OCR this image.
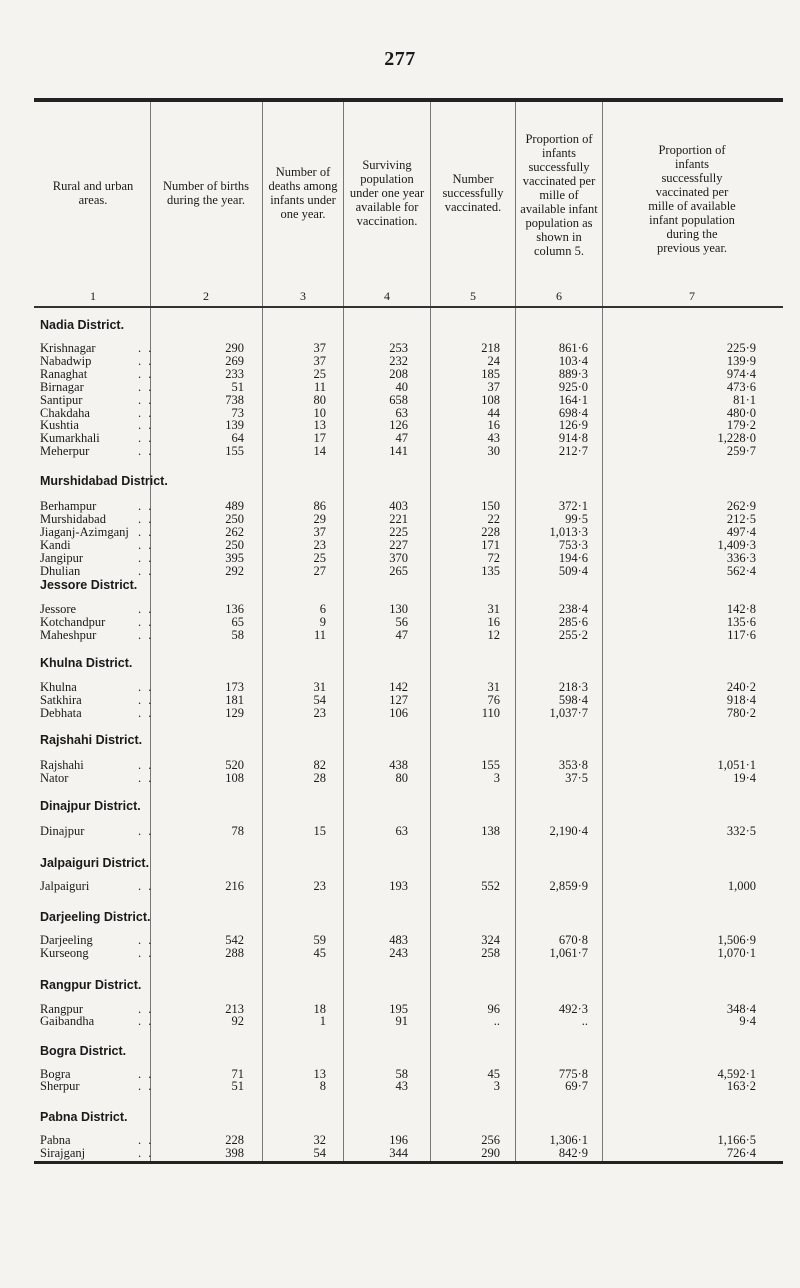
277
Rural and urban areas.
Number of births during the year.
Number of deaths among infants under one year.
Surviving population under one year available for vaccination.
Number successfully vaccinated.
Proportion of infants successfully vaccinated per mille of available infant population as shown in column 5.
Proportion of infants successfully vaccinated per mille of available infant population during the previous year.
1	2	3	4	5	6	7
Nadia District.
Krishnagar	. .	290	37	253	218	861·6	225·9
Nabadwip	. .	269	37	232	24	103·4	139·9
Ranaghat	. .	233	25	208	185	889·3	974·4
Birnagar	. .	51	11	40	37	925·0	473·6
Santipur	. .	738	80	658	108	164·1	81·1
Chakdaha	. .	73	10	63	44	698·4	480·0
Kushtia	. .	139	13	126	16	126·9	179·2
Kumarkhali	. .	64	17	47	43	914·8	1,228·0
Meherpur	. .	155	14	141	30	212·7	259·7
Murshidabad District.
Berhampur	. .	489	86	403	150	372·1	262·9
Murshidabad	. .	250	29	221	22	99·5	212·5
Jiaganj-Azimganj . .	262	37	225	228	1,013·3	497·4
Kandi	. .	250	23	227	171	753·3	1,409·3
Jangipur	. .	395	25	370	72	194·6	336·3
Dhulian	. .	292	27	265	135	509·4	562·4
Jessore District.
Jessore	. .	136	6	130	31	238·4	142·8
Kotchandpur	. .	65	9	56	16	285·6	135·6
Maheshpur	. .	58	11	47	12	255·2	117·6
Khulna District.
Khulna	. .	173	31	142	31	218·3	240·2
Satkhira	. .	181	54	127	76	598·4	918·4
Debhata	. .	129	23	106	110	1,037·7	780·2
Rajshahi District.
Rajshahi	. .	520	82	438	155	353·8	1,051·1
Nator	. .	108	28	80	3	37·5	19·4
Dinajpur District.
Dinajpur	. .	78	15	63	138	2,190·4	332·5
Jalpaiguri District.
Jalpaiguri	. .	216	23	193	552	2,859·9	1,000
Darjeeling District.
Darjeeling	. .	542	59	483	324	670·8	1,506·9
Kurseong	. .	288	45	243	258	1,061·7	1,070·1
Rangpur District.
Rangpur	. .	213	18	195	96	492·3	348·4
Gaibandha	. .	92	1	91	..	..	9·4
Bogra District.
Bogra	. .	71	13	58	45	775·8	4,592·1
Sherpur	. .	51	8	43	3	69·7	163·2
Pabna District.
Pabna	. .	228	32	196	256	1,306·1	1,166·5
Sirajganj	. .	398	54	344	290	842·9	726·4
